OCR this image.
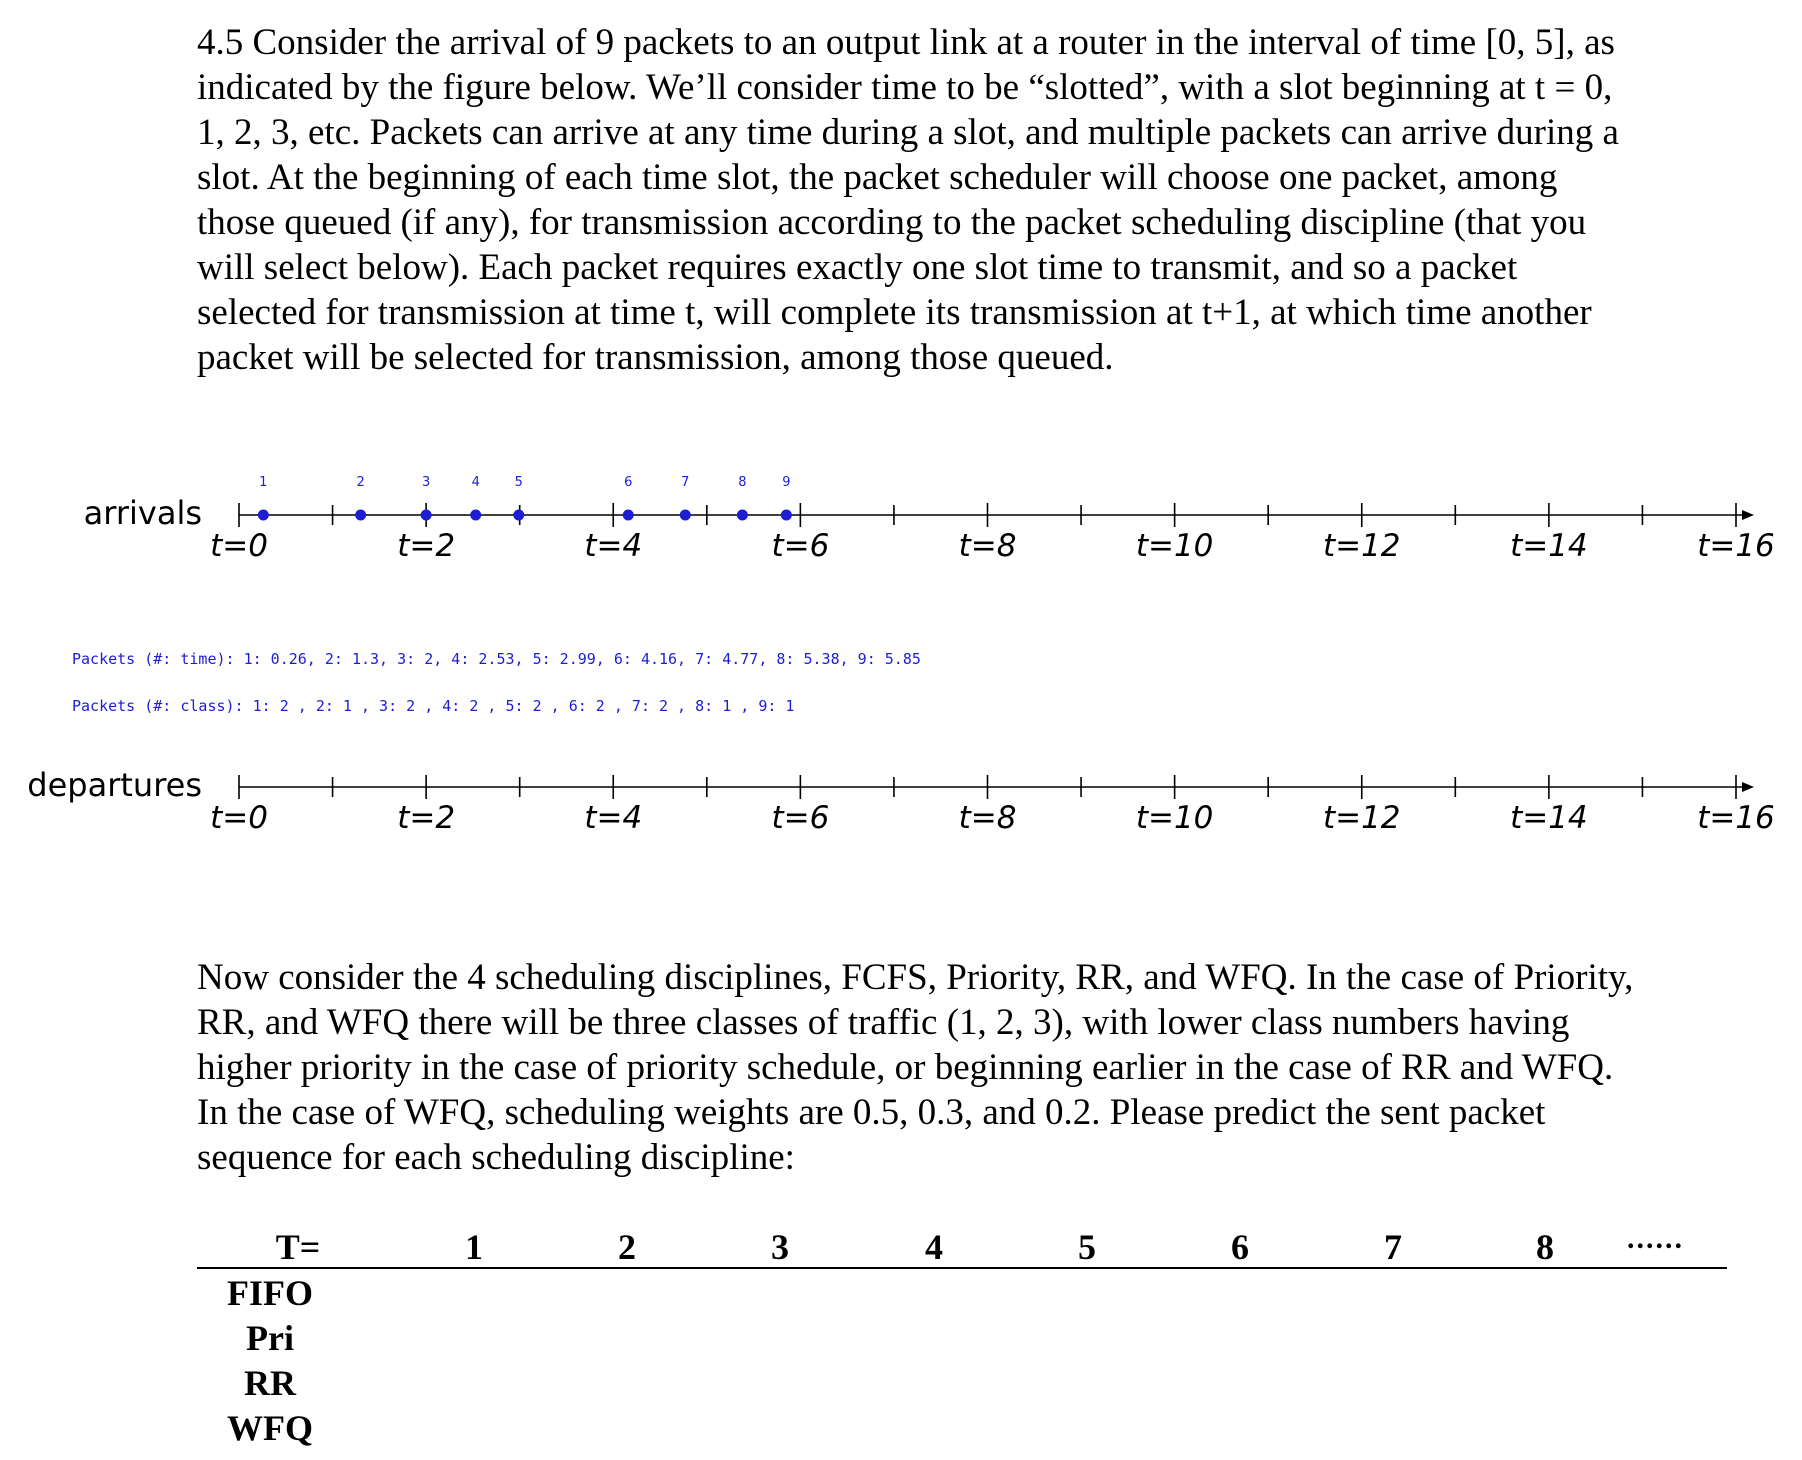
4.5 Consider the arrival of 9 packets to an output link at a router in the interval of time [0, 5], as
indicated by the figure below. We’ll consider time to be “slotted”, with a slot beginning at t = 0,
1, 2, 3, etc. Packets can arrive at any time during a slot, and multiple packets can arrive during a
slot. At the beginning of each time slot, the packet scheduler will choose one packet, among
those queued (if any), for transmission according to the packet scheduling discipline (that you
will select below). Each packet requires exactly one slot time to transmit, and so a packet
selected for transmission at time t, will complete its transmission at t+1, at which time another
packet will be selected for transmission, among those queued.
arrivals
t=0	t=2	t=4	t=6	t=8	t=10	t=12	t=14	t=16
departures
t=0	t=2	t=4	t=6	t=8	t=10	t=12	t=14	t=16
1	2	3	4	5	6	7	8	9
Packets (#: time): 1: 0.26, 2: 1.3, 3: 2, 4: 2.53, 5: 2.99, 6: 4.16, 7: 4.77, 8: 5.38, 9: 5.85
Packets (#: class): 1: 2 , 2: 1 , 3: 2 , 4: 2 , 5: 2 , 6: 2 , 7: 2 , 8: 1 , 9: 1
Now consider the 4 scheduling disciplines, FCFS, Priority, RR, and WFQ. In the case of Priority,
RR, and WFQ there will be three classes of traffic (1, 2, 3), with lower class numbers having
higher priority in the case of priority schedule, or beginning earlier in the case of RR and WFQ.
In the case of WFQ, scheduling weights are 0.5, 0.3, and 0.2. Please predict the sent packet
sequence for each scheduling discipline:
T=	1	2	3	4	5	6	7	8	......
FIFO
Pri
RR
WFQ
